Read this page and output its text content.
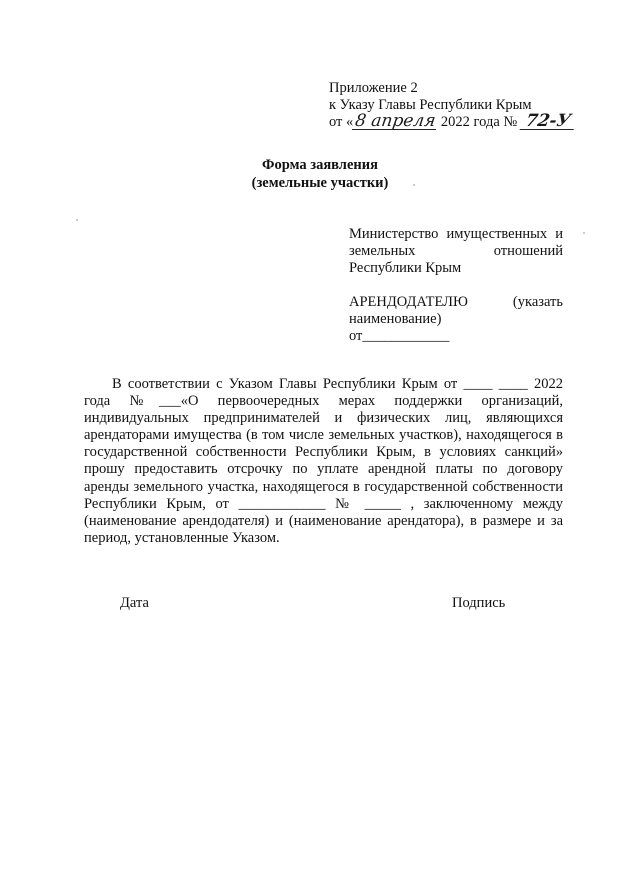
Приложение 2
к Указу Главы Республики Крым
от «8 апреля 2022 года № 72-У
Форма заявления
(земельные участки)
Министерство имущественных и
земельных	отношений
Республики Крым
АРЕНДОДАТЕЛЮ	(указать
наименование)
от____________

В соответствии с Указом Главы Республики Крым от ____ ____ 2022 года №___«О первоочередных мерах поддержки организаций, индивидуальных предпринимателей и физических лиц, являющихся арендаторами имущества (в том числе земельных участков), находящегося в государственной собственности Республики Крым, в условиях санкций» прошу предоставить отсрочку по уплате арендной платы по договору аренды земельного участка, находящегося в государственной собственности Республики Крым, от ____________ № _____ , заключенному между (наименование арендодателя) и (наименование арендатора), в размере и за период, установленные Указом.

Дата	Подпись
